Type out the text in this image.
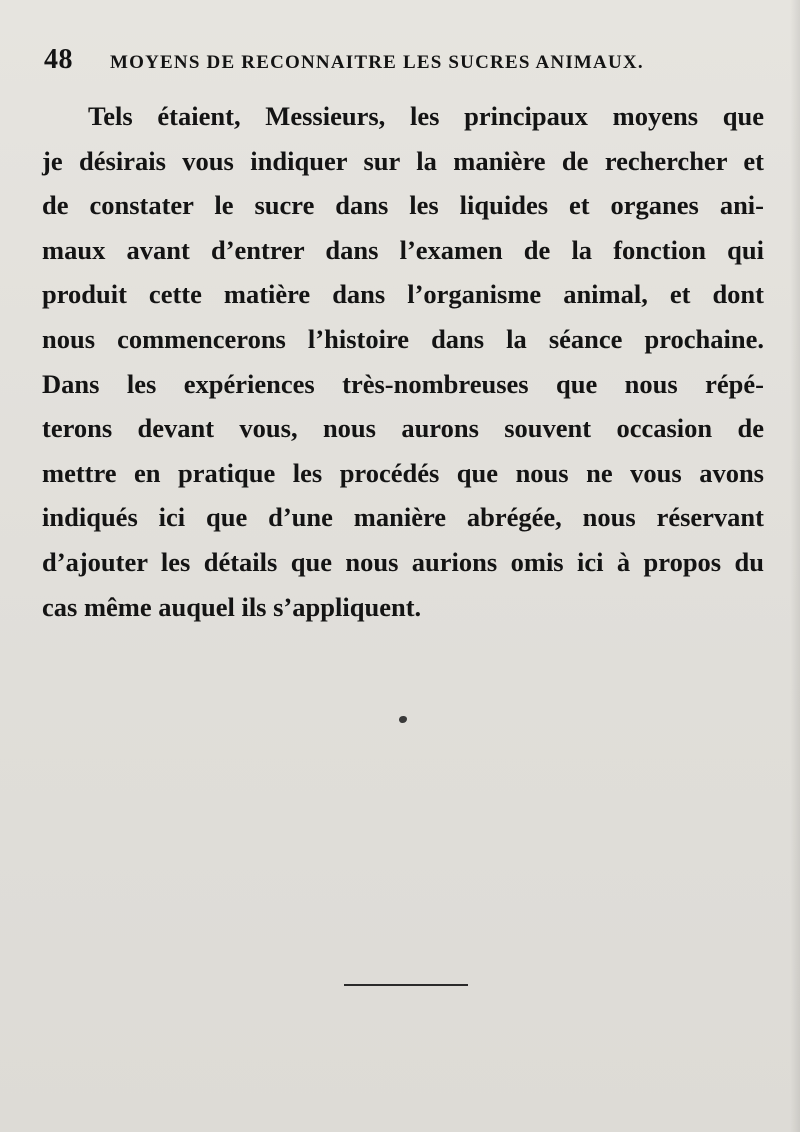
48	MOYENS DE RECONNAITRE LES SUCRES ANIMAUX.
Tels étaient, Messieurs, les principaux moyens que
je désirais vous indiquer sur la manière de rechercher et
de constater le sucre dans les liquides et organes ani-
maux avant d’entrer dans l’examen de la fonction qui
produit cette matière dans l’organisme animal, et dont
nous commencerons l’histoire dans la séance prochaine.
Dans les expériences très-nombreuses que nous répé-
terons devant vous, nous aurons souvent occasion de
mettre en pratique les procédés que nous ne vous avons
indiqués ici que d’une manière abrégée, nous réservant
d’ajouter les détails que nous aurions omis ici à propos du
cas même auquel ils s’appliquent.
